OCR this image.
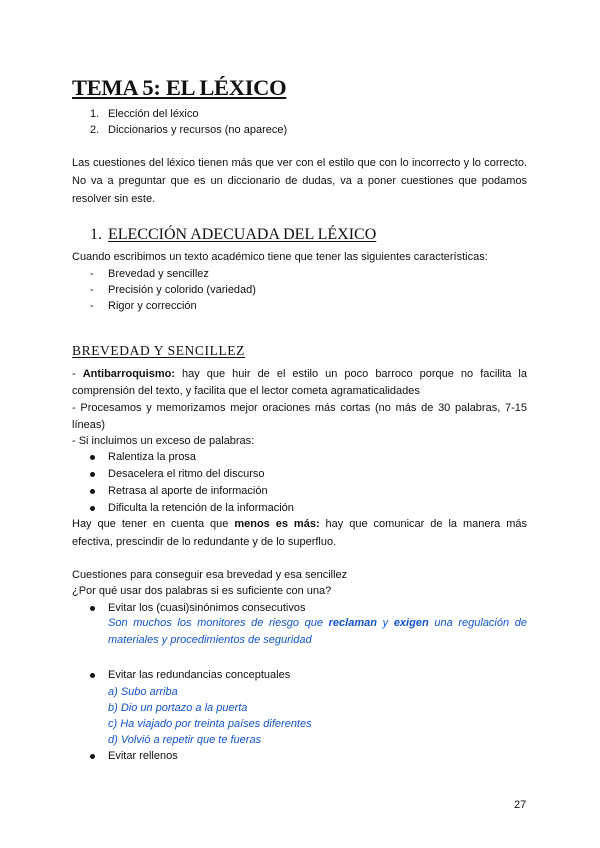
TEMA 5: EL LÉXICO
1. Elección del léxico
2. Diccionarios y recursos (no aparece)
Las cuestiones del léxico tienen más que ver con el estilo que con lo incorrecto y lo correcto. No va a preguntar que es un diccionario de dudas, va a poner cuestiones que podamos resolver sin este.
1. ELECCIÓN ADECUADA DEL LÉXICO
Cuando escribimos un texto académico tiene que tener las siguientes características:
- Brevedad y sencillez
- Precisión y colorido (variedad)
- Rigor y corrección
BREVEDAD Y SENCILLEZ
- Antibarroquismo: hay que huir de el estilo un poco barroco porque no facilita la comprensión del texto, y facilita que el lector cometa agramaticalidades
- Procesamos y memorizamos mejor oraciones más cortas (no más de 30 palabras, 7-15 líneas)
- Si incluimos un exceso de palabras:
Ralentiza la prosa
Desacelera el ritmo del discurso
Retrasa al aporte de información
Dificulta la retención de la información
Hay que tener en cuenta que menos es más: hay que comunicar de la manera más efectiva, prescindir de lo redundante y de lo superfluo.
Cuestiones para conseguir esa brevedad y esa sencillez
¿Por qué usar dos palabras si es suficiente con una?
Evitar los (cuasi)sinónimos consecutivos
Son muchos los monitores de riesgo que reclaman y exigen una regulación de materiales y procedimientos de seguridad
Evitar las redundancias conceptuales
a) Subo arriba
b) Dio un portazo a la puerta
c) Ha viajado por treinta países diferentes
d) Volvió a repetir que te fueras
Evitar rellenos
27
